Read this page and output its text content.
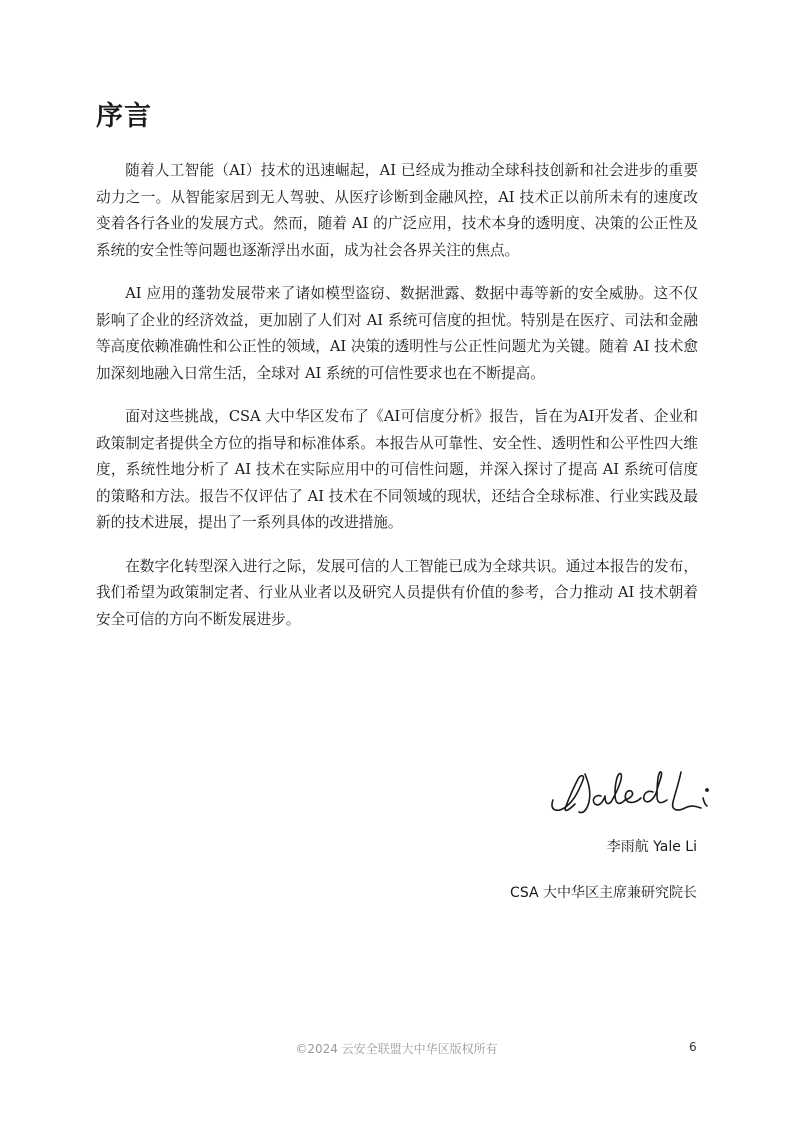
序言

随着人工智能（AI）技术的迅速崛起，AI 已经成为推动全球科技创新和社会进步的重要动力之一。从智能家居到无人驾驶、从医疗诊断到金融风控，AI 技术正以前所未有的速度改变着各行各业的发展方式。然而，随着 AI 的广泛应用，技术本身的透明度、决策的公正性及系统的安全性等问题也逐渐浮出水面，成为社会各界关注的焦点。

AI 应用的蓬勃发展带来了诸如模型盗窃、数据泄露、数据中毒等新的安全威胁。这不仅影响了企业的经济效益，更加剧了人们对 AI 系统可信度的担忧。特别是在医疗、司法和金融等高度依赖准确性和公正性的领域，AI 决策的透明性与公正性问题尤为关键。随着 AI 技术愈加深刻地融入日常生活，全球对 AI 系统的可信性要求也在不断提高。

面对这些挑战，CSA 大中华区发布了《AI可信度分析》报告，旨在为AI开发者、企业和政策制定者提供全方位的指导和标准体系。本报告从可靠性、安全性、透明性和公平性四大维度，系统性地分析了 AI 技术在实际应用中的可信性问题，并深入探讨了提高 AI 系统可信度的策略和方法。报告不仅评估了 AI 技术在不同领域的现状，还结合全球标准、行业实践及最新的技术进展，提出了一系列具体的改进措施。

在数字化转型深入进行之际，发展可信的人工智能已成为全球共识。通过本报告的发布，我们希望为政策制定者、行业从业者以及研究人员提供有价值的参考，合力推动 AI 技术朝着安全可信的方向不断发展进步。

李雨航 Yale Li
CSA 大中华区主席兼研究院长
©2024 云安全联盟大中华区版权所有	6
